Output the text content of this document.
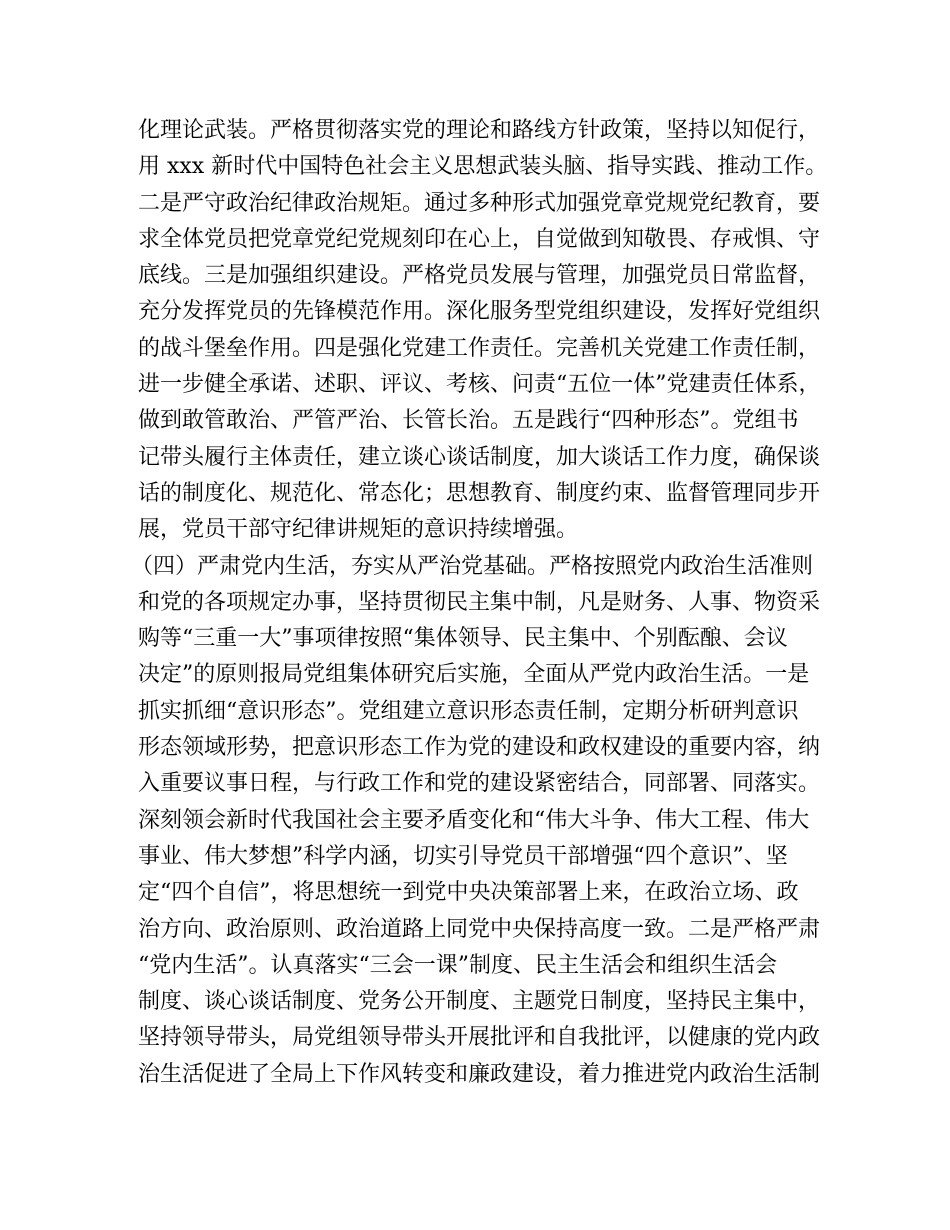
化理论武装。严格贯彻落实党的理论和路线方针政策，坚持以知促行，
用 xxx 新时代中国特色社会主义思想武装头脑、指导实践、推动工作。
二是严守政治纪律政治规矩。通过多种形式加强党章党规党纪教育，要
求全体党员把党章党纪党规刻印在心上，自觉做到知敬畏、存戒惧、守
底线。三是加强组织建设。严格党员发展与管理，加强党员日常监督，
充分发挥党员的先锋模范作用。深化服务型党组织建设，发挥好党组织
的战斗堡垒作用。四是强化党建工作责任。完善机关党建工作责任制，
进一步健全承诺、述职、评议、考核、问责“五位一体”党建责任体系，
做到敢管敢治、严管严治、长管长治。五是践行“四种形态”。党组书
记带头履行主体责任，建立谈心谈话制度，加大谈话工作力度，确保谈
话的制度化、规范化、常态化；思想教育、制度约束、监督管理同步开
展，党员干部守纪律讲规矩的意识持续增强。
（四）严肃党内生活，夯实从严治党基础。严格按照党内政治生活准则
和党的各项规定办事，坚持贯彻民主集中制，凡是财务、人事、物资采
购等“三重一大”事项律按照“集体领导、民主集中、个别酝酿、会议
决定”的原则报局党组集体研究后实施，全面从严党内政治生活。一是
抓实抓细“意识形态”。党组建立意识形态责任制，定期分析研判意识
形态领域形势，把意识形态工作为党的建设和政权建设的重要内容，纳
入重要议事日程，与行政工作和党的建设紧密结合，同部署、同落实。
深刻领会新时代我国社会主要矛盾变化和“伟大斗争、伟大工程、伟大
事业、伟大梦想”科学内涵，切实引导党员干部增强“四个意识”、坚
定“四个自信”，将思想统一到党中央决策部署上来，在政治立场、政
治方向、政治原则、政治道路上同党中央保持高度一致。二是严格严肃
“党内生活”。认真落实“三会一课”制度、民主生活会和组织生活会
制度、谈心谈话制度、党务公开制度、主题党日制度，坚持民主集中，
坚持领导带头，局党组领导带头开展批评和自我批评，以健康的党内政
治生活促进了全局上下作风转变和廉政建设，着力推进党内政治生活制
